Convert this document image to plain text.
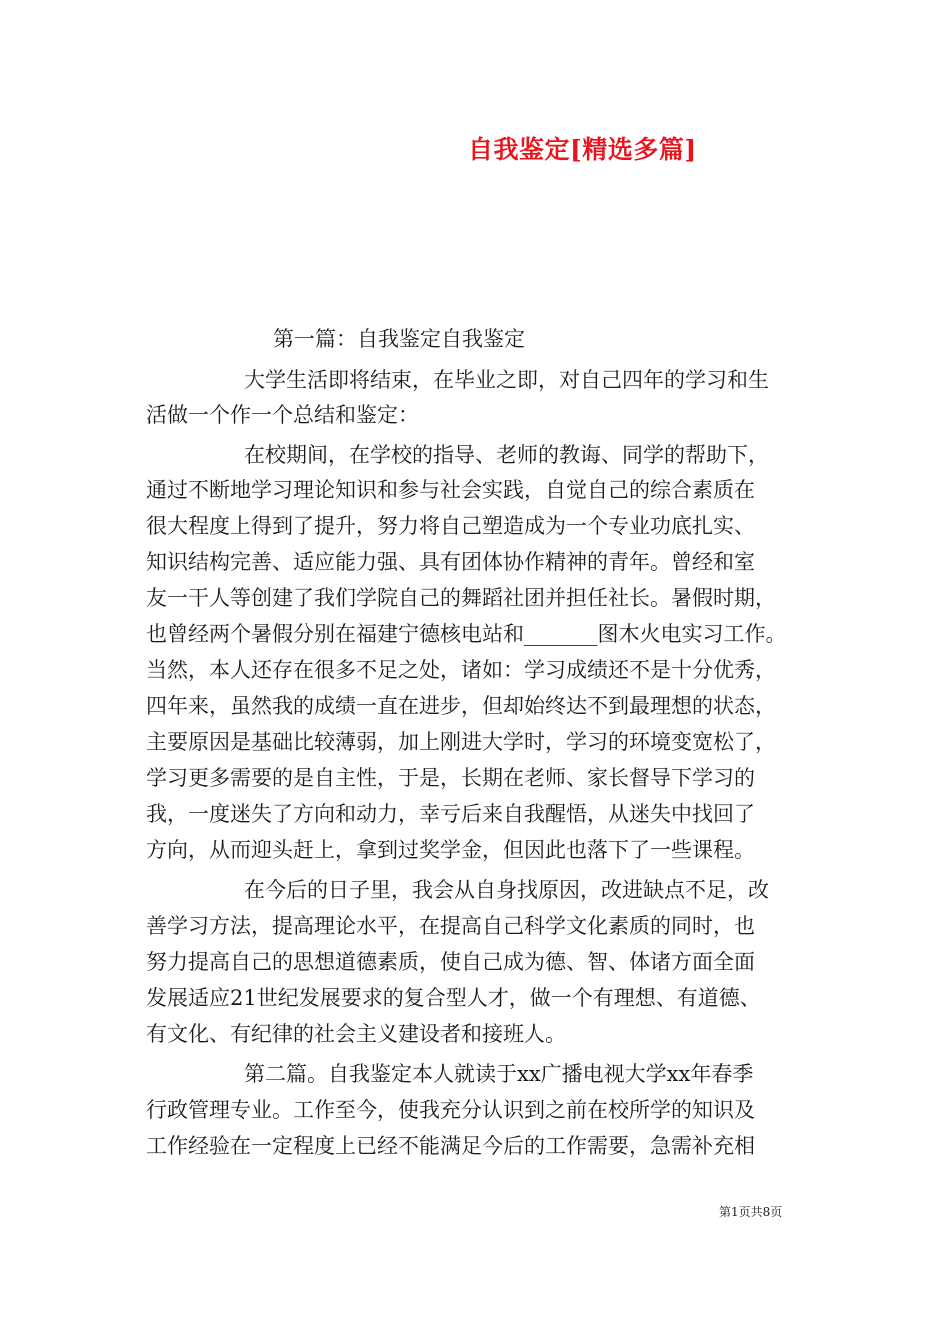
自我鉴定[精选多篇]
第一篇：自我鉴定自我鉴定
大学生活即将结束，在毕业之即，对自己四年的学习和生
活做一个作一个总结和鉴定：
在校期间，在学校的指导、老师的教诲、同学的帮助下，
通过不断地学习理论知识和参与社会实践，自觉自己的综合素质在
很大程度上得到了提升，努力将自己塑造成为一个专业功底扎实、
知识结构完善、适应能力强、具有团体协作精神的青年。曾经和室
友一干人等创建了我们学院自己的舞蹈社团并担任社长。暑假时期，
也曾经两个暑假分别在福建宁德核电站和_______图木火电实习工作。
当然，本人还存在很多不足之处，诸如：学习成绩还不是十分优秀，
四年来，虽然我的成绩一直在进步，但却始终达不到最理想的状态，
主要原因是基础比较薄弱，加上刚进大学时，学习的环境变宽松了，
学习更多需要的是自主性，于是，长期在老师、家长督导下学习的
我，一度迷失了方向和动力，幸亏后来自我醒悟，从迷失中找回了
方向，从而迎头赶上，拿到过奖学金，但因此也落下了一些课程。
在今后的日子里，我会从自身找原因，改进缺点不足，改
善学习方法，提高理论水平，在提高自己科学文化素质的同时，也
努力提高自己的思想道德素质，使自己成为德、智、体诸方面全面
发展适应21世纪发展要求的复合型人才，做一个有理想、有道德、
有文化、有纪律的社会主义建设者和接班人。
第二篇。自我鉴定本人就读于xx广播电视大学xx年春季
行政管理专业。工作至今，使我充分认识到之前在校所学的知识及
工作经验在一定程度上已经不能满足今后的工作需要，急需补充相
第1页共8页
